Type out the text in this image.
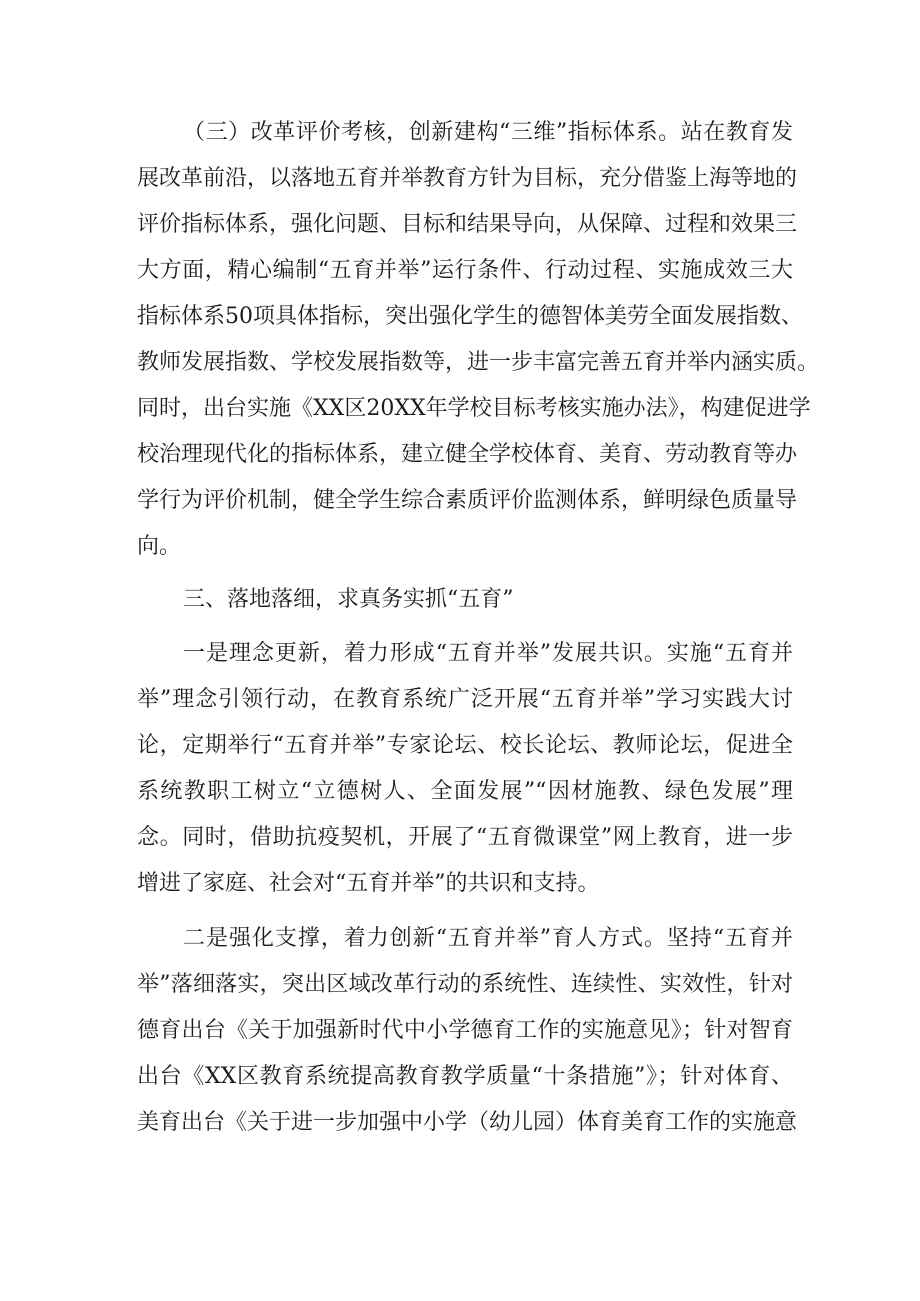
（三）改革评价考核，创新建构“三维”指标体系。站在教育发
展改革前沿，以落地五育并举教育方针为目标，充分借鉴上海等地的
评价指标体系，强化问题、目标和结果导向，从保障、过程和效果三
大方面，精心编制“五育并举”运行条件、行动过程、实施成效三大
指标体系50项具体指标，突出强化学生的德智体美劳全面发展指数、
教师发展指数、学校发展指数等，进一步丰富完善五育并举内涵实质。
同时，出台实施《XX区20XX年学校目标考核实施办法》，构建促进学
校治理现代化的指标体系，建立健全学校体育、美育、劳动教育等办
学行为评价机制，健全学生综合素质评价监测体系，鲜明绿色质量导
向。
三、落地落细，求真务实抓“五育”
一是理念更新，着力形成“五育并举”发展共识。实施“五育并
举”理念引领行动，在教育系统广泛开展“五育并举”学习实践大讨
论，定期举行“五育并举”专家论坛、校长论坛、教师论坛，促进全
系统教职工树立“立德树人、全面发展”“因材施教、绿色发展”理
念。同时，借助抗疫契机，开展了“五育微课堂”网上教育，进一步
增进了家庭、社会对“五育并举”的共识和支持。
二是强化支撑，着力创新“五育并举”育人方式。坚持“五育并
举”落细落实，突出区域改革行动的系统性、连续性、实效性，针对
德育出台《关于加强新时代中小学德育工作的实施意见》；针对智育
出台《XX区教育系统提高教育教学质量“十条措施”》；针对体育、
美育出台《关于进一步加强中小学（幼儿园）体育美育工作的实施意
